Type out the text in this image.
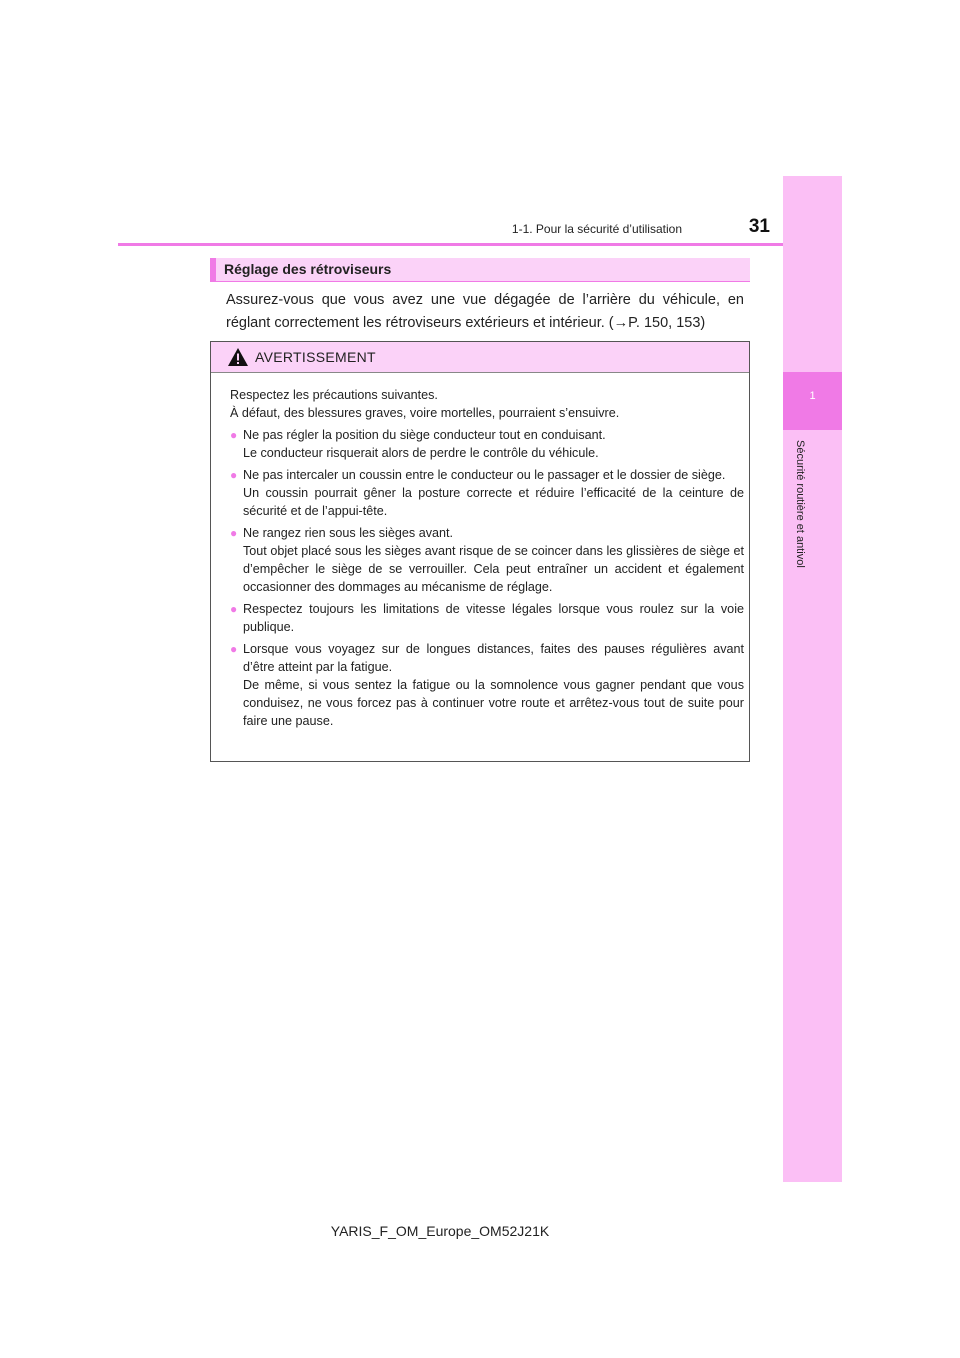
1
Sécurité routière et antivol
1-1. Pour la sécurité d’utilisation	31
Réglage des rétroviseurs

Assurez-vous que vous avez une vue dégagée de l’arrière du véhicule, en réglant correctement les rétroviseurs extérieurs et intérieur. (→P. 150, 153)

AVERTISSEMENT

Respectez les précautions suivantes.

À défaut, des blessures graves, voire mortelles, pourraient s’ensuivre.

● Ne pas régler la position du siège conducteur tout en conduisant.
Le conducteur risquerait alors de perdre le contrôle du véhicule.
● Ne pas intercaler un coussin entre le conducteur ou le passager et le dossier de siège.
Un coussin pourrait gêner la posture correcte et réduire l’efficacité de la ceinture de sécurité et de l’appui-tête.
● Ne rangez rien sous les sièges avant.
Tout objet placé sous les sièges avant risque de se coincer dans les glissières de siège et d’empêcher le siège de se verrouiller. Cela peut entraîner un accident et également occasionner des dommages au mécanisme de réglage.
● Respectez toujours les limitations de vitesse légales lorsque vous roulez sur la voie publique.
● Lorsque vous voyagez sur de longues distances, faites des pauses régulières avant d’être atteint par la fatigue.
De même, si vous sentez la fatigue ou la somnolence vous gagner pendant que vous conduisez, ne vous forcez pas à continuer votre route et arrêtez-vous tout de suite pour faire une pause.
YARIS_F_OM_Europe_OM52J21K
